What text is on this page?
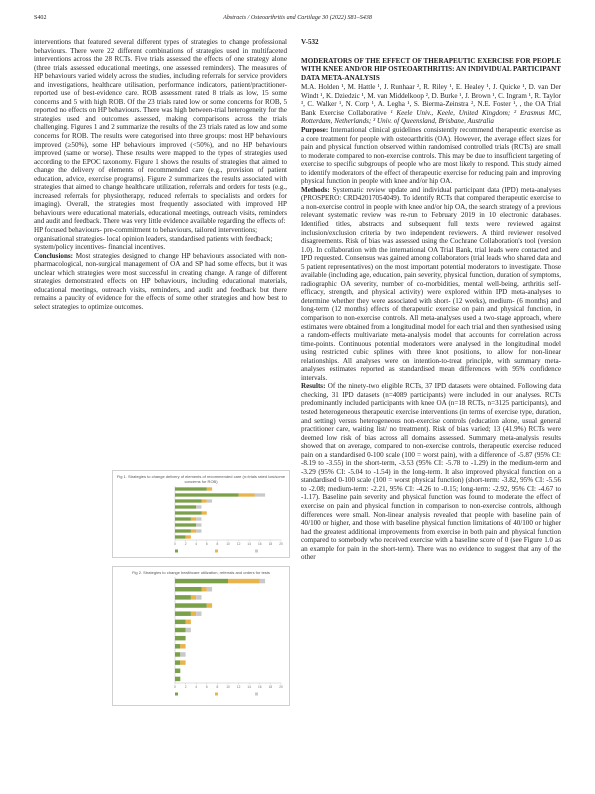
S402	Abstracts / Osteoarthritis and Cartilage 30 (2022) S81–S438

interventions that featured several different types of strategies to change professional behaviours. There were 22 different combinations of strategies used in multifaceted interventions across the 28 RCTs. Five trials assessed the effects of one strategy alone (three trials assessed educational meetings, one assessed reminders). The measures of HP behaviours varied widely across the studies, including referrals for service providers and investigations, healthcare utilisation, performance indicators, patient/practitioner-reported use of best-evidence care. ROB assessment rated 8 trials as low, 15 some concerns and 5 with high ROB. Of the 23 trials rated low or some concerns for ROB, 5 reported no effects on HP behaviours. There was high between-trial heterogeneity for the strategies used and outcomes assessed, making comparisons across the trials challenging. Figures 1 and 2 summarize the results of the 23 trials rated as low and some concerns for ROB. The results were categorised into three groups: most HP behaviours improved (≥50%), some HP behaviours improved (<50%), and no HP behaviours improved (same or worse). These results were mapped to the types of strategies used according to the EPOC taxonomy. Figure 1 shows the results of strategies that aimed to change the delivery of elements of recommended care (e.g., provision of patient education, advice, exercise programs). Figure 2 summarizes the results associated with strategies that aimed to change healthcare utilization, referrals and orders for tests (e.g., increased referrals for physiotherapy, reduced referrals to specialists and orders for imaging). Overall, the strategies most frequently associated with improved HP behaviours were educational materials, educational meetings, outreach visits, reminders and audit and feedback. There was very little evidence available regarding the effects of:

HP focused behaviours- pre-commitment to behaviours, tailored interventions;

organisational strategies- local opinion leaders, standardised patients with feedback;

system/policy incentives- financial incentives.

Conclusions: Most strategies designed to change HP behaviours associated with non-pharmacological, non-surgical management of OA and SP had some effects, but it was unclear which strategies were most successful in creating change. A range of different strategies demonstrated effects on HP behaviours, including educational materials, educational meetings, outreach visits, reminders, and audit and feedback but there remains a paucity of evidence for the effects of some other strategies and how best to select strategies to optimize outcomes.

Fig 1. Strategies to change delivery of elements of recommended care (n=trials rated low/some concerns for ROB)
0	2	4	6	8 10 12 14 16 18 20
Fig 2. Strategies to change healthcare utilization, referrals and orders for tests
0	2	4	6	8 10 12 14 16 18 20
V-532

MODERATORS OF THE EFFECT OF THERAPEUTIC EXERCISE FOR PEOPLE WITH KNEE AND/OR HIP OSTEOARTHRITIS: AN INDIVIDUAL PARTICIPANT DATA META-ANALYSIS

M.A. Holden ¹, M. Hattle ¹, J. Runhaar ², R. Riley ¹, E. Healey ¹, J. Quicke ¹, D. van Der Windt ¹, K. Dziedzic ¹, M. van Middelkoop ², D. Burke ¹, J. Brown ¹, C. Ingram ¹, R. Taylor ³, C. Walker ¹, N. Corp ¹, A. Legha ¹, S. Bierma-Zeinstra ², N.E. Foster ¹, , the OA Trial Bank Exercise Collaborative ¹ Keele Univ., Keele, United Kingdom; ² Erasmus MC, Rotterdam, Netherlands; ³ Univ. of Queensland, Brisbane, Australia

Purpose: International clinical guidelines consistently recommend therapeutic exercise as a core treatment for people with osteoarthritis (OA). However, the average effect sizes for pain and physical function observed within randomised controlled trials (RCTs) are small to moderate compared to non-exercise controls. This may be due to insufficient targeting of exercise to specific subgroups of people who are most likely to respond. This study aimed to identify moderators of the effect of therapeutic exercise for reducing pain and improving physical function in people with knee and/or hip OA.

Methods: Systematic review update and individual participant data (IPD) meta-analyses (PROSPERO: CRD42017054049). To identify RCTs that compared therapeutic exercise to a non-exercise control in people with knee and/or hip OA, the search strategy of a previous relevant systematic review was re-run to February 2019 in 10 electronic databases. Identified titles, abstracts and subsequent full texts were reviewed against inclusion/exclusion criteria by two independent reviewers. A third reviewer resolved disagreements. Risk of bias was assessed using the Cochrane Collaboration's tool (version 1.0). In collaboration with the international OA Trial Bank, trial leads were contacted and IPD requested. Consensus was gained among collaborators (trial leads who shared data and 5 patient representatives) on the most important potential moderators to investigate. Those available (including age, education, pain severity, physical function, duration of symptoms, radiographic OA severity, number of co-morbidities, mental well-being, arthritis self-efficacy, strength, and physical activity) were explored within IPD meta-analyses to determine whether they were associated with short- (12 weeks), medium- (6 months) and long-term (12 months) effects of therapeutic exercise on pain and physical function, in comparison to non-exercise controls. All meta-analyses used a two-stage approach, where estimates were obtained from a longitudinal model for each trial and then synthesised using a random-effects multivariate meta-analysis model that accounts for correlation across time-points. Continuous potential moderators were analysed in the longitudinal model using restricted cubic splines with three knot positions, to allow for non-linear relationships. All analyses were on intention-to-treat principle, with summary meta-analyses estimates reported as standardised mean differences with 95% confidence intervals.

Results: Of the ninety-two eligible RCTs, 37 IPD datasets were obtained. Following data checking, 31 IPD datasets (n=4089 participants) were included in our analyses. RCTs predominantly included participants with knee OA (n=18 RCTs, n=3125 participants), and tested heterogeneous therapeutic exercise interventions (in terms of exercise type, duration, and setting) versus heterogeneous non-exercise controls (education alone, usual general practitioner care, waiting list/ no treatment). Risk of bias varied; 13 (41.9%) RCTs were deemed low risk of bias across all domains assessed. Summary meta-analysis results showed that on average, compared to non-exercise controls, therapeutic exercise reduced pain on a standardised 0-100 scale (100 = worst pain), with a difference of -5.87 (95% CI: -8.19 to -3.55) in the short-term, -3.53 (95% CI: -5.78 to -1.29) in the medium-term and -3.29 (95% CI: -5.04 to -1.54) in the long-term. It also improved physical function on a standardised 0-100 scale (100 = worst physical function) (short-term: -3.82, 95% CI: -5.56 to -2.08; medium-term: -2.21, 95% CI: -4.26 to -0.15; long-term: -2.92, 95% CI: -4.67 to -1.17). Baseline pain severity and physical function was found to moderate the effect of exercise on pain and physical function in comparison to non-exercise controls, although differences were small. Non-linear analysis revealed that people with baseline pain of 40/100 or higher, and those with baseline physical function limitations of 40/100 or higher had the greatest additional improvements from exercise in both pain and physical function compared to somebody who received exercise with a baseline score of 0 (see Figure 1.0 as an example for pain in the short-term). There was no evidence to suggest that any of the other
